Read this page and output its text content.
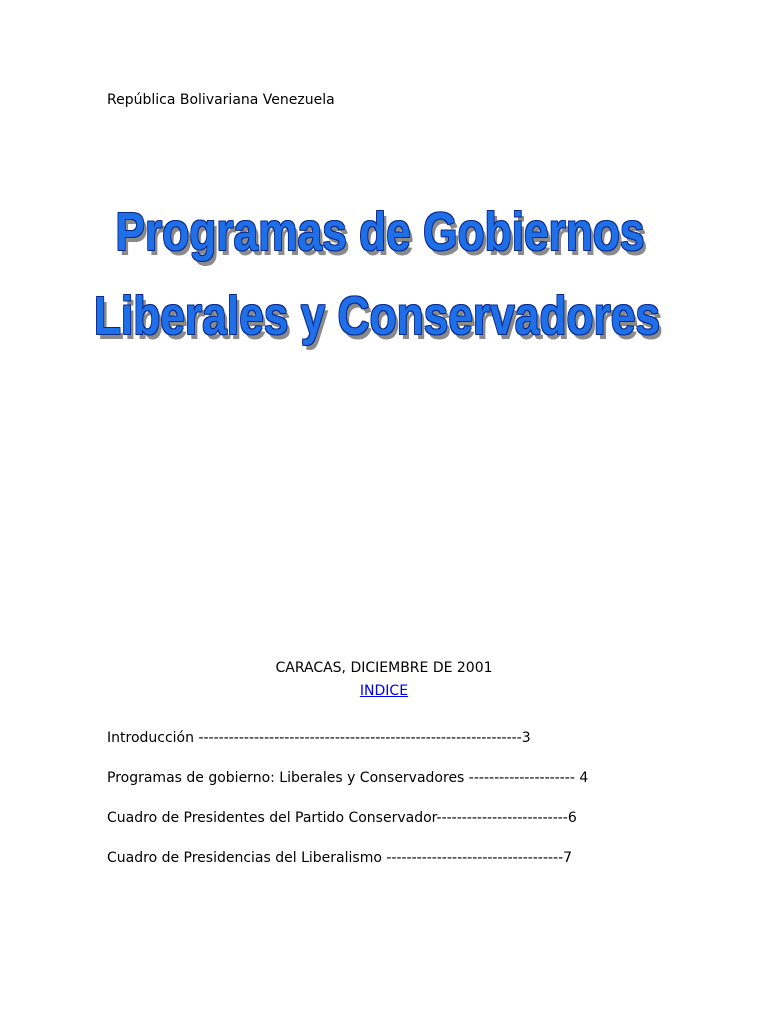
República Bolivariana Venezuela
Programas de Gobiernos
Liberales y Conservadores
CARACAS, DICIEMBRE DE 2001
INDICE
Introducción ----------------------------------------------------------------3
Programas de gobierno: Liberales y Conservadores --------------------- 4
Cuadro de Presidentes del Partido Conservador--------------------------6
Cuadro de Presidencias del Liberalismo -----------------------------------7
